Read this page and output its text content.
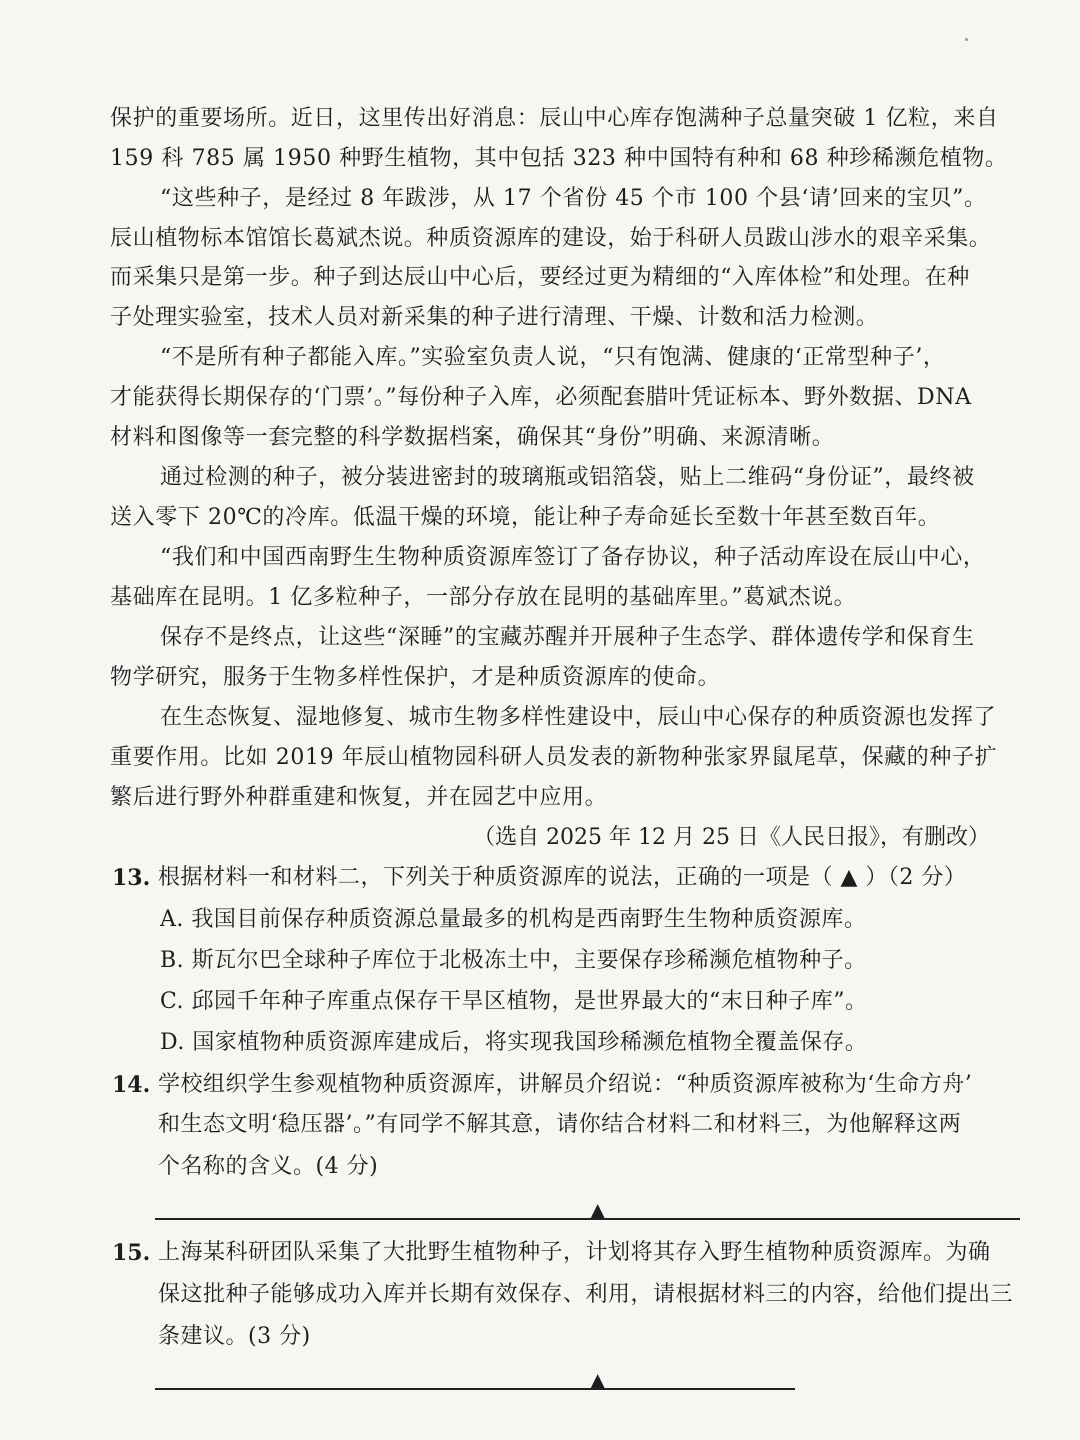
保护的重要场所。近日，这里传出好消息：辰山中心库存饱满种子总量突破 1 亿粒，来自
159 科 785 属 1950 种野生植物，其中包括 323 种中国特有种和 68 种珍稀濒危植物。
“这些种子，是经过 8 年跋涉，从 17 个省份 45 个市 100 个县‘请’回来的宝贝”。
辰山植物标本馆馆长葛斌杰说。种质资源库的建设，始于科研人员跋山涉水的艰辛采集。
而采集只是第一步。种子到达辰山中心后，要经过更为精细的“入库体检”和处理。在种
子处理实验室，技术人员对新采集的种子进行清理、干燥、计数和活力检测。
“不是所有种子都能入库。”实验室负责人说，“只有饱满、健康的‘正常型种子’，
才能获得长期保存的‘门票’。”每份种子入库，必须配套腊叶凭证标本、野外数据、DNA
材料和图像等一套完整的科学数据档案，确保其“身份”明确、来源清晰。
通过检测的种子，被分装进密封的玻璃瓶或铝箔袋，贴上二维码“身份证”，最终被
送入零下 20℃的冷库。低温干燥的环境，能让种子寿命延长至数十年甚至数百年。
“我们和中国西南野生生物种质资源库签订了备存协议，种子活动库设在辰山中心，
基础库在昆明。1 亿多粒种子，一部分存放在昆明的基础库里。”葛斌杰说。
保存不是终点，让这些“深睡”的宝藏苏醒并开展种子生态学、群体遗传学和保育生
物学研究，服务于生物多样性保护，才是种质资源库的使命。
在生态恢复、湿地修复、城市生物多样性建设中，辰山中心保存的种质资源也发挥了
重要作用。比如 2019 年辰山植物园科研人员发表的新物种张家界鼠尾草，保藏的种子扩
繁后进行野外种群重建和恢复，并在园艺中应用。
（选自 2025 年 12 月 25 日《人民日报》，有删改）
13. 根据材料一和材料二，下列关于种质资源库的说法，正确的一项是（ ▲ ）（2 分）
A. 我国目前保存种质资源总量最多的机构是西南野生生物种质资源库。
B. 斯瓦尔巴全球种子库位于北极冻土中，主要保存珍稀濒危植物种子。
C. 邱园千年种子库重点保存干旱区植物，是世界最大的“末日种子库”。
D. 国家植物种质资源库建成后，将实现我国珍稀濒危植物全覆盖保存。
14. 学校组织学生参观植物种质资源库，讲解员介绍说：“种质资源库被称为‘生命方舟’
和生态文明‘稳压器’。”有同学不解其意，请你结合材料二和材料三，为他解释这两
个名称的含义。(4 分)
▲
15. 上海某科研团队采集了大批野生植物种子，计划将其存入野生植物种质资源库。为确
保这批种子能够成功入库并长期有效保存、利用，请根据材料三的内容，给他们提出三
条建议。(3 分)
▲
